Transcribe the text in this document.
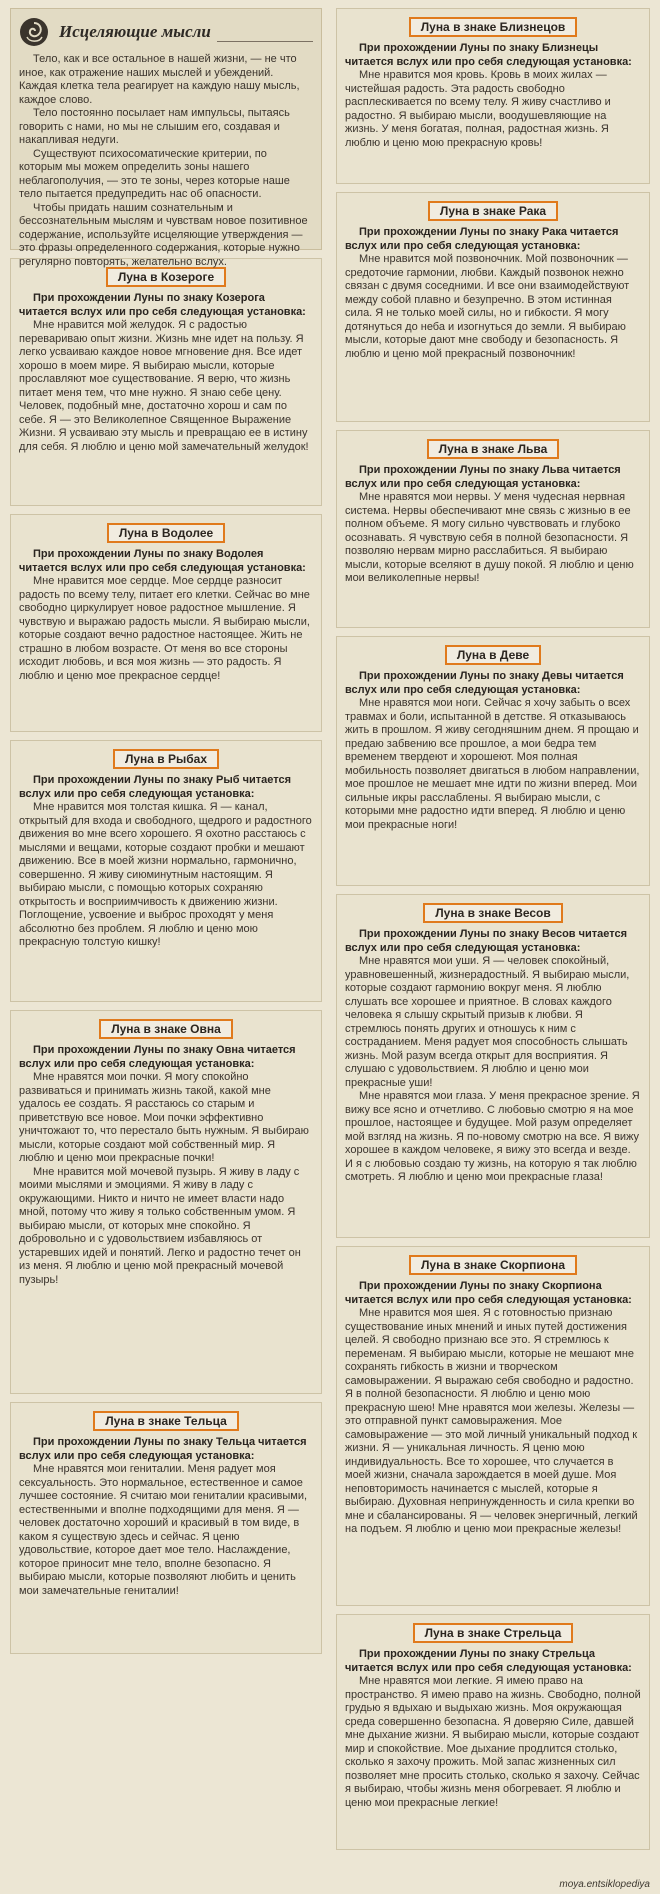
Исцеляющие мысли

Тело, как и все остальное в нашей жизни, — не что иное, как отражение наших мыслей и убеждений. Каждая клетка тела реагирует на каждую нашу мысль, каждое слово.

Тело постоянно посылает нам импульсы, пытаясь говорить с нами, но мы не слышим его, создавая и накапливая недуги.

Существуют психосоматические критерии, по которым мы можем определить зоны нашего неблагополучия, — это те зоны, через которые наше тело пытается предупредить нас об опасности.

Чтобы придать нашим сознательным и бессознательным мыслям и чувствам новое позитивное содержание, используйте исцеляющие утверждения — это фразы определенного содержания, которые нужно регулярно повторять, желательно вслух.

Луна в Козероге

При прохождении Луны по знаку Козерога читается вслух или про себя следующая установка:

Мне нравится мой желудок. Я с радостью перевариваю опыт жизни. Жизнь мне идет на пользу. Я легко усваиваю каждое новое мгновение дня. Все идет хорошо в моем мире. Я выбираю мысли, которые прославляют мое существование. Я верю, что жизнь питает меня тем, что мне нужно. Я знаю себе цену. Человек, подобный мне, достаточно хорош и сам по себе. Я — это Великолепное Священное Выражение Жизни. Я усваиваю эту мысль и превращаю ее в истину для себя. Я люблю и ценю мой замечательный желудок!

Луна в Водолее

При прохождении Луны по знаку Водолея читается вслух или про себя следующая установка:

Мне нравится мое сердце. Мое сердце разносит радость по всему телу, питает его клетки. Сейчас во мне свободно циркулирует новое радостное мышление. Я чувствую и выражаю радость мысли. Я выбираю мысли, которые создают вечно радостное настоящее. Жить не страшно в любом возрасте. От меня во все стороны исходит любовь, и вся моя жизнь — это радость. Я люблю и ценю мое прекрасное сердце!

Луна в Рыбах

При прохождении Луны по знаку Рыб читается вслух или про себя следующая установка:

Мне нравится моя толстая кишка. Я — канал, открытый для входа и свободного, щедрого и радостного движения во мне всего хорошего. Я охотно расстаюсь с мыслями и вещами, которые создают пробки и мешают движению. Все в моей жизни нормально, гармонично, совершенно. Я живу сиюминутным настоящим. Я выбираю мысли, с помощью которых сохраняю открытость и восприимчивость к движению жизни. Поглощение, усвоение и выброс проходят у меня абсолютно без проблем. Я люблю и ценю мою прекрасную толстую кишку!

Луна в знаке Овна

При прохождении Луны по знаку Овна читается вслух или про себя следующая установка:

Мне нравятся мои почки. Я могу спокойно развиваться и принимать жизнь такой, какой мне удалось ее создать. Я расстаюсь со старым и приветствую все новое. Мои почки эффективно уничтожают то, что перестало быть нужным. Я выбираю мысли, которые создают мой собственный мир. Я люблю и ценю мои прекрасные почки!

Мне нравится мой мочевой пузырь. Я живу в ладу с моими мыслями и эмоциями. Я живу в ладу с окружающими. Никто и ничто не имеет власти надо мной, потому что живу я только собственным умом. Я выбираю мысли, от которых мне спокойно. Я добровольно и с удовольствием избавляюсь от устаревших идей и понятий. Легко и радостно течет он из меня. Я люблю и ценю мой прекрасный мочевой пузырь!

Луна в знаке Тельца

При прохождении Луны по знаку Тельца читается вслух или про себя следующая установка:

Мне нравятся мои гениталии. Меня радует моя сексуальность. Это нормальное, естественное и самое лучшее состояние. Я считаю мои гениталии красивыми, естественными и вполне подходящими для меня. Я — человек достаточно хороший и красивый в том виде, в каком я существую здесь и сейчас. Я ценю удовольствие, которое дает мое тело. Наслаждение, которое приносит мне тело, вполне безопасно. Я выбираю мысли, которые позволяют любить и ценить мои замечательные гениталии!

Луна в знаке Близнецов

При прохождении Луны по знаку Близнецы читается вслух или про себя следующая установка:

Мне нравится моя кровь. Кровь в моих жилах — чистейшая радость. Эта радость свободно расплескивается по всему телу. Я живу счастливо и радостно. Я выбираю мысли, воодушевляющие на жизнь. У меня богатая, полная, радостная жизнь. Я люблю и ценю мою прекрасную кровь!

Луна в знаке Рака

При прохождении Луны по знаку Рака читается вслух или про себя следующая установка:

Мне нравится мой позвоночник. Мой позвоночник — средоточие гармонии, любви. Каждый позвонок нежно связан с двумя соседними. И все они взаимодействуют между собой плавно и безупречно. В этом истинная сила. Я не только моей силы, но и гибкости. Я могу дотянуться до неба и изогнуться до земли. Я выбираю мысли, которые дают мне свободу и безопасность. Я люблю и ценю мой прекрасный позвоночник!

Луна в знаке Льва

При прохождении Луны по знаку Льва читается вслух или про себя следующая установка:

Мне нравятся мои нервы. У меня чудесная нервная система. Нервы обеспечивают мне связь с жизнью в ее полном объеме. Я могу сильно чувствовать и глубоко осознавать. Я чувствую себя в полной безопасности. Я позволяю нервам мирно расслабиться. Я выбираю мысли, которые вселяют в душу покой. Я люблю и ценю мои великолепные нервы!

Луна в Деве

При прохождении Луны по знаку Девы читается вслух или про себя следующая установка:

Мне нравятся мои ноги. Сейчас я хочу забыть о всех травмах и боли, испытанной в детстве. Я отказываюсь жить в прошлом. Я живу сегодняшним днем. Я прощаю и предаю забвению все прошлое, а мои бедра тем временем твердеют и хорошеют. Моя полная мобильность позволяет двигаться в любом направлении, мое прошлое не мешает мне идти по жизни вперед. Мои сильные икры расслаблены. Я выбираю мысли, с которыми мне радостно идти вперед. Я люблю и ценю мои прекрасные ноги!

Луна в знаке Весов

При прохождении Луны по знаку Весов читается вслух или про себя следующая установка:

Мне нравятся мои уши. Я — человек спокойный, уравновешенный, жизнерадостный. Я выбираю мысли, которые создают гармонию вокруг меня. Я люблю слушать все хорошее и приятное. В словах каждого человека я слышу скрытый призыв к любви. Я стремлюсь понять других и отношусь к ним с состраданием. Меня радует моя способность слышать жизнь. Мой разум всегда открыт для восприятия. Я слушаю с удовольствием. Я люблю и ценю мои прекрасные уши!

Мне нравятся мои глаза. У меня прекрасное зрение. Я вижу все ясно и отчетливо. С любовью смотрю я на мое прошлое, настоящее и будущее. Мой разум определяет мой взгляд на жизнь. Я по-новому смотрю на все. Я вижу хорошее в каждом человеке, я вижу это всегда и везде. И я с любовью создаю ту жизнь, на которую я так люблю смотреть. Я люблю и ценю мои прекрасные глаза!

Луна в знаке Скорпиона

При прохождении Луны по знаку Скорпиона читается вслух или про себя следующая установка:

Мне нравится моя шея. Я с готовностью признаю существование иных мнений и иных путей достижения целей. Я свободно признаю все это. Я стремлюсь к переменам. Я выбираю мысли, которые не мешают мне сохранять гибкость в жизни и творческом самовыражении. Я выражаю себя свободно и радостно. Я в полной безопасности. Я люблю и ценю мою прекрасную шею! Мне нравятся мои железы. Железы — это отправной пункт самовыражения. Мое самовыражение — это мой личный уникальный подход к жизни. Я — уникальная личность. Я ценю мою индивидуальность. Все то хорошее, что случается в моей жизни, сначала зарождается в моей душе. Моя неповторимость начинается с мыслей, которые я выбираю. Духовная непринужденность и сила крепки во мне и сбалансированы. Я — человек энергичный, легкий на подъем. Я люблю и ценю мои прекрасные железы!

Луна в знаке Стрельца

При прохождении Луны по знаку Стрельца читается вслух или про себя следующая установка:

Мне нравятся мои легкие. Я имею право на пространство. Я имею право на жизнь. Свободно, полной грудью я вдыхаю и выдыхаю жизнь. Моя окружающая среда совершенно безопасна. Я доверяю Силе, давшей мне дыхание жизни. Я выбираю мысли, которые создают мир и спокойствие. Мое дыхание продлится столько, сколько я захочу прожить. Мой запас жизненных сил позволяет мне просить столько, сколько я захочу. Сейчас я выбираю, чтобы жизнь меня обогревает. Я люблю и ценю мои прекрасные легкие!

moya.entsiklopediya
